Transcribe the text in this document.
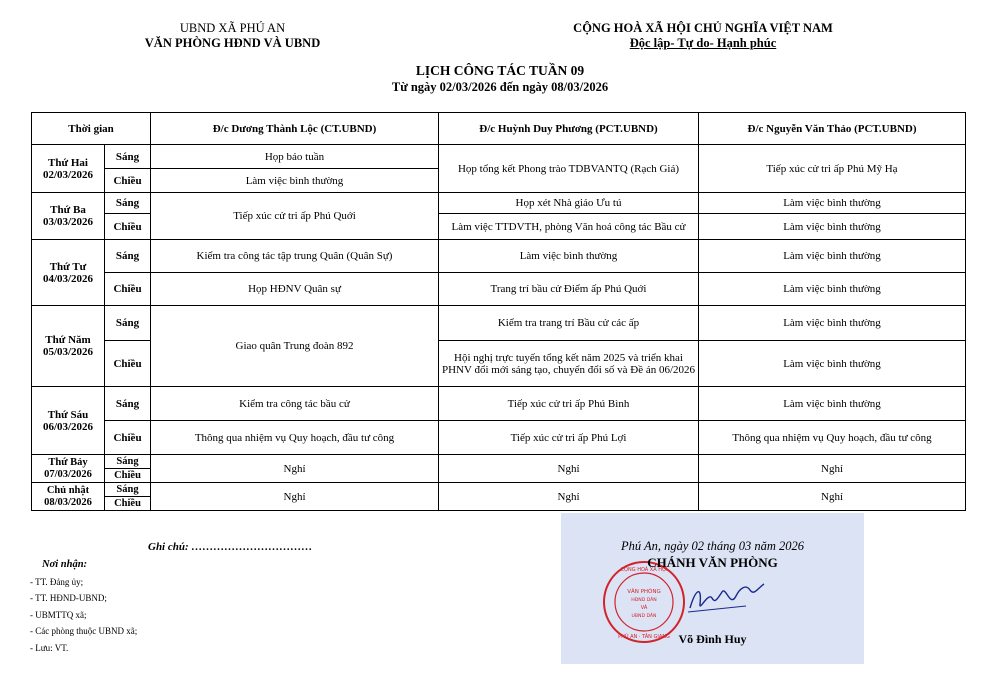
UBND XÃ PHÚ AN
VĂN PHÒNG HĐND VÀ UBND
CỘNG HOÀ XÃ HỘI CHỦ NGHĨA VIỆT NAM
Độc lập- Tự do- Hạnh phúc
LỊCH CÔNG TÁC TUẦN 09
Từ ngày 02/03/2026 đến ngày 08/03/2026
Thời gian		Đ/c Dương Thành Lộc (CT.UBND)	Đ/c Huỳnh Duy Phương (PCT.UBND)	Đ/c Nguyễn Văn Thảo (PCT.UBND)

Thứ Hai
02/03/2026	Sáng	Họp báo tuần	Họp tổng kết Phong trào TDBVANTQ (Rạch Giá)	Tiếp xúc cử tri ấp Phú Mỹ Hạ
	Chiều	Làm việc bình thường		

Thứ Ba
03/03/2026	Sáng	Tiếp xúc cử tri ấp Phú Quới	Họp xét Nhà giáo Ưu tú	Làm việc bình thường
	Chiều		Làm việc TTDVTH, phòng Văn hoá công tác Bầu cử	Làm việc bình thường

Thứ Tư
04/03/2026	Sáng	Kiểm tra công tác tập trung Quân (Quân Sự)	Làm việc bình thường	Làm việc bình thường
	Chiều	Họp HĐNV Quân sự	Trang trí bầu cử Điểm ấp Phú Quới	Làm việc bình thường

Thứ Năm
05/03/2026	Sáng	Giao quân Trung đoàn 892	Kiểm tra trang trí Bầu cử các ấp	Làm việc bình thường
	Chiều		Hội nghị trực tuyến tổng kết năm 2025 và triển khai PHNV đổi mới sáng tạo, chuyển đổi số và Đề án 06/2026	Làm việc bình thường

Thứ Sáu
06/03/2026	Sáng	Kiểm tra công tác bầu cử	Tiếp xúc cử tri ấp Phú Bình	Làm việc bình thường
	Chiều	Thông qua nhiệm vụ Quy hoạch, đầu tư công	Tiếp xúc cử tri ấp Phú Lợi	Thông qua nhiệm vụ Quy hoạch, đầu tư công

Thứ Bảy
07/03/2026	Sáng	Nghỉ	Nghỉ	Nghỉ
	Chiều			

Chủ nhật
08/03/2026	Sáng	Nghỉ	Nghỉ	Nghỉ
	Chiều			
Ghi chú: ……………………………
Nơi nhận:
- TT. Đảng ủy;
- TT. HĐND-UBND;
- UBMTTQ xã;
- Các phòng thuộc UBND xã;
- Lưu: VT.
VĂN PHÒNG
HĐND DÂN
VÀ
UBND DÂN
CỘNG HOÀ XÃ HỘI
PHÚ AN · TÂN GIANG
Phú An, ngày 02 tháng 03 năm 2026
CHÁNH VĂN PHÒNG
Võ Đình Huy
